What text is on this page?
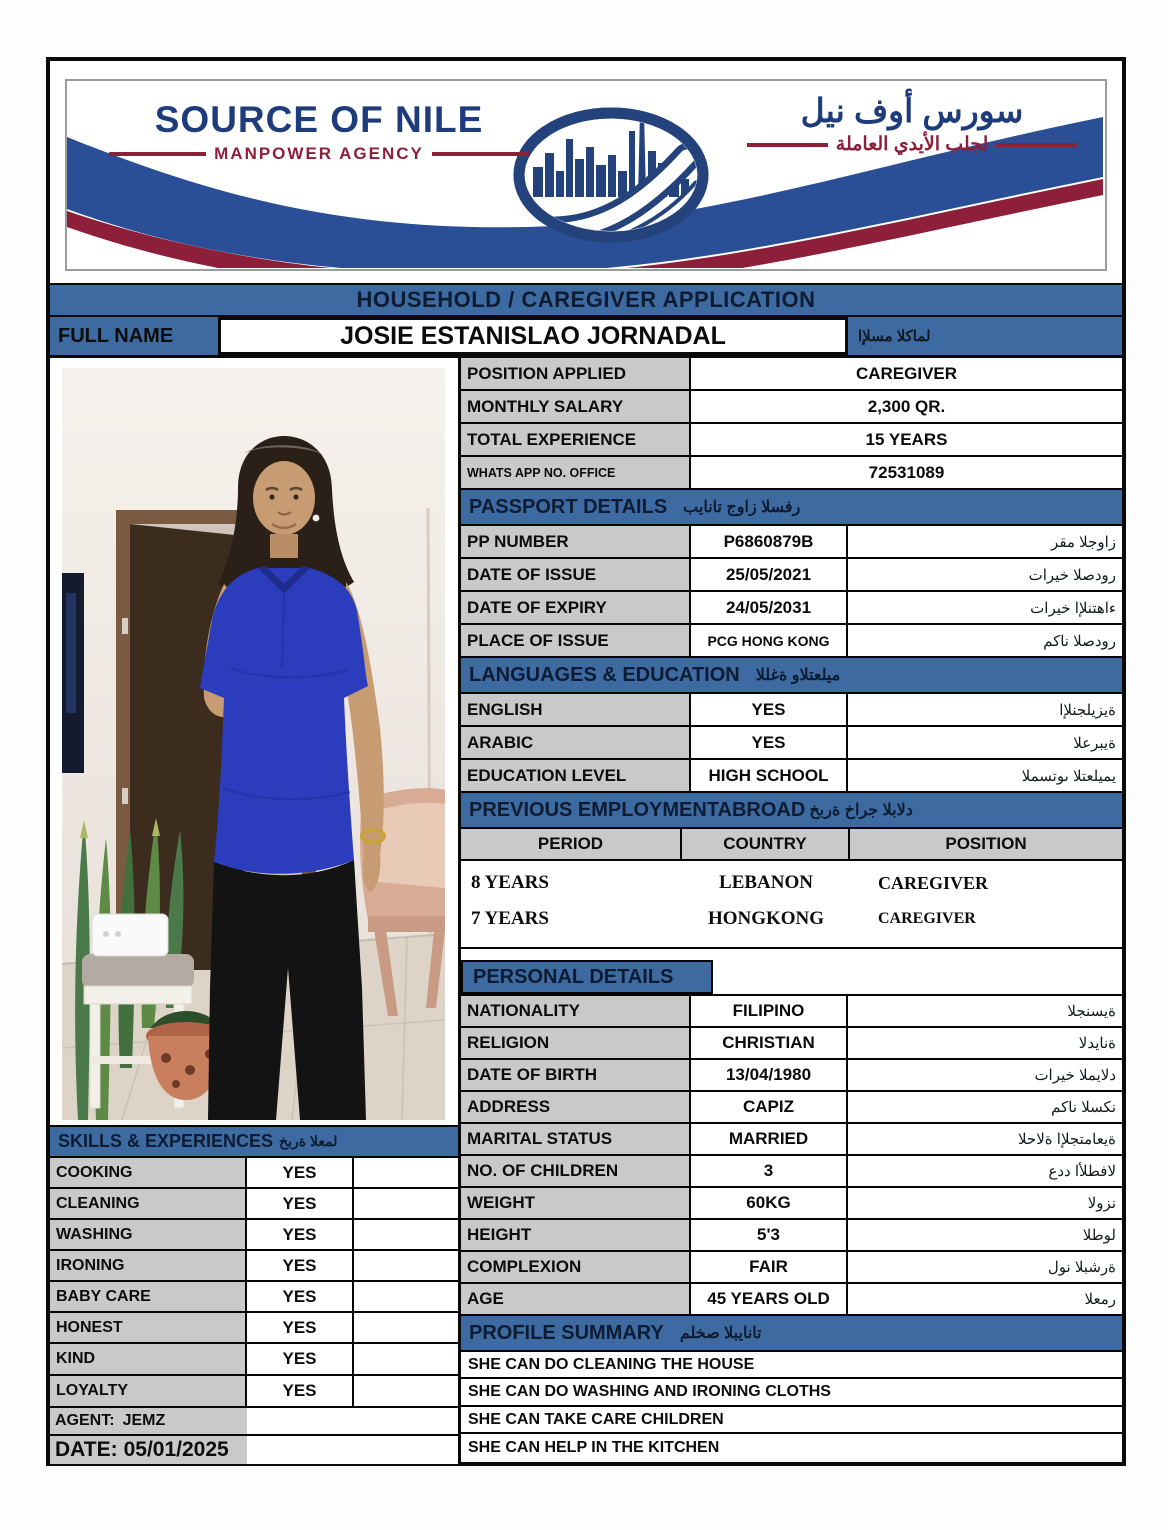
SOURCE OF NILE
MANPOWER AGENCY
سورس أوف نيل
لجلب الأيدي العاملة
HOUSEHOLD / CAREGIVER APPLICATION
FULL NAME	JOSIE ESTANISLAO JORNADAL	لماكلا مسلإا
POSITION APPLIED	CAREGIVER
MONTHLY SALARY	2,300 QR.
TOTAL EXPERIENCE	15 YEARS
WHATS APP NO. OFFICE	72531089
PASSPORT DETAILS رفسلا زاوج تانايب
PP NUMBER	P6860879B	زاوجلا مقر
DATE OF ISSUE	25/05/2021	رودصلا خيرات
DATE OF EXPIRY	24/05/2031	ءاهتنلإا خيرات
PLACE OF ISSUE	PCG HONG KONG	رودصلا ناكم
LANGUAGES & EDUCATION ميلعتلاو ةغللا
ENGLISH	YES	ةيزيلجنلإا
ARABIC	YES	ةيبرعلا
EDUCATION LEVEL	HIGH SCHOOL	يميلعتلا ىوتسملا
PREVIOUS EMPLOYMENTABROAD دلابلا جراخ ةربخ
PERIOD	COUNTRY	POSITION
8 YEARS	LEBANON	CAREGIVER
7 YEARS	HONGKONG	CAREGIVER
PERSONAL DETAILS
NATIONALITY	FILIPINO	ةيسنجلا
RELIGION	CHRISTIAN	ةنايدلا
DATE OF BIRTH	13/04/1980	دلايملا خيرات
ADDRESS	CAPIZ	نكسلا ناكم
MARITAL STATUS	MARRIED	ةيعامتجلإا ةلاحلا
NO. OF CHILDREN	3	لافطلأا ددع
WEIGHT	60KG	نزولا
HEIGHT	5'3	لوطلا
COMPLEXION	FAIR	ةرشبلا نول
AGE	45 YEARS OLD	رمعلا
PROFILE SUMMARY تانايبلا صخلم
SHE CAN DO CLEANING THE HOUSE
SHE CAN DO WASHING AND IRONING CLOTHS
SHE CAN TAKE CARE CHILDREN
SHE CAN HELP IN THE KITCHEN
SKILLS & EXPERIENCES لمعلا ةربخ
COOKING	YES
CLEANING	YES
WASHING	YES
IRONING	YES
BABY CARE	YES
HONEST	YES
KIND	YES
LOYALTY	YES
AGENT: JEMZ
DATE: 05/01/2025
